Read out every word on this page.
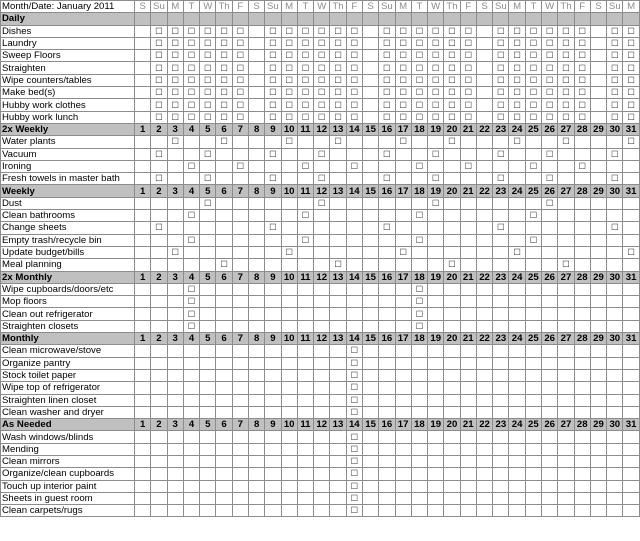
Month/Date: January 2011	S	Su	M	T	W	Th	F	S	Su	M	T	W	Th	F	S	Su	M	T	W	Th	F	S	Su	M	T	W	Th	F	S	Su	M
Daily																															
Dishes		☐	☐	☐	☐	☐	☐		☐	☐	☐	☐	☐	☐		☐	☐	☐	☐	☐	☐		☐	☐	☐	☐	☐	☐		☐	☐
Laundry		☐	☐	☐	☐	☐	☐		☐	☐	☐	☐	☐	☐		☐	☐	☐	☐	☐	☐		☐	☐	☐	☐	☐	☐		☐	☐
Sweep Floors		☐	☐	☐	☐	☐	☐		☐	☐	☐	☐	☐	☐		☐	☐	☐	☐	☐	☐		☐	☐	☐	☐	☐	☐		☐	☐
Straighten		☐	☐	☐	☐	☐	☐		☐	☐	☐	☐	☐	☐		☐	☐	☐	☐	☐	☐		☐	☐	☐	☐	☐	☐		☐	☐
Wipe counters/tables		☐	☐	☐	☐	☐	☐		☐	☐	☐	☐	☐	☐		☐	☐	☐	☐	☐	☐		☐	☐	☐	☐	☐	☐		☐	☐
Make bed(s)		☐	☐	☐	☐	☐	☐		☐	☐	☐	☐	☐	☐		☐	☐	☐	☐	☐	☐		☐	☐	☐	☐	☐	☐		☐	☐
Hubby work clothes		☐	☐	☐	☐	☐	☐		☐	☐	☐	☐	☐	☐		☐	☐	☐	☐	☐	☐		☐	☐	☐	☐	☐	☐		☐	☐
Hubby work lunch		☐	☐	☐	☐	☐	☐		☐	☐	☐	☐	☐	☐		☐	☐	☐	☐	☐	☐		☐	☐	☐	☐	☐	☐		☐	☐
2x Weekly	1	2	3	4	5	6	7	8	9	10	11	12	13	14	15	16	17	18	19	20	21	22	23	24	25	26	27	28	29	30	31
Water plants			☐			☐				☐			☐				☐			☐				☐			☐				☐
Vacuum		☐			☐				☐			☐				☐			☐				☐			☐				☐	
Ironing				☐			☐				☐			☐				☐			☐				☐			☐			
Fresh towels in master bath		☐			☐				☐			☐				☐			☐				☐			☐				☐	
Weekly	1	2	3	4	5	6	7	8	9	10	11	12	13	14	15	16	17	18	19	20	21	22	23	24	25	26	27	28	29	30	31
Dust					☐							☐							☐							☐					
Clean bathrooms				☐							☐							☐							☐						
Change sheets		☐							☐							☐							☐							☐	
Empty trash/recycle bin				☐							☐							☐							☐						
Update budget/bills			☐							☐							☐							☐							☐
Meal planning						☐							☐							☐							☐				
2x Monthly	1	2	3	4	5	6	7	8	9	10	11	12	13	14	15	16	17	18	19	20	21	22	23	24	25	26	27	28	29	30	31
Wipe cupboards/doors/etc				☐														☐													
Mop floors				☐														☐													
Clean out refrigerator				☐														☐													
Straighten closets				☐														☐													
Monthly	1	2	3	4	5	6	7	8	9	10	11	12	13	14	15	16	17	18	19	20	21	22	23	24	25	26	27	28	29	30	31
Clean microwave/stove														☐																	
Organize pantry														☐																	
Stock toilet paper														☐																	
Wipe top of refrigerator														☐																	
Straighten linen closet														☐																	
Clean washer and dryer														☐																	
As Needed	1	2	3	4	5	6	7	8	9	10	11	12	13	14	15	16	17	18	19	20	21	22	23	24	25	26	27	28	29	30	31
Wash windows/blinds														☐																	
Mending														☐																	
Clean mirrors														☐																	
Organize/clean cupboards														☐																	
Touch up interior paint														☐																	
Sheets in guest room														☐																	
Clean carpets/rugs														☐																	
